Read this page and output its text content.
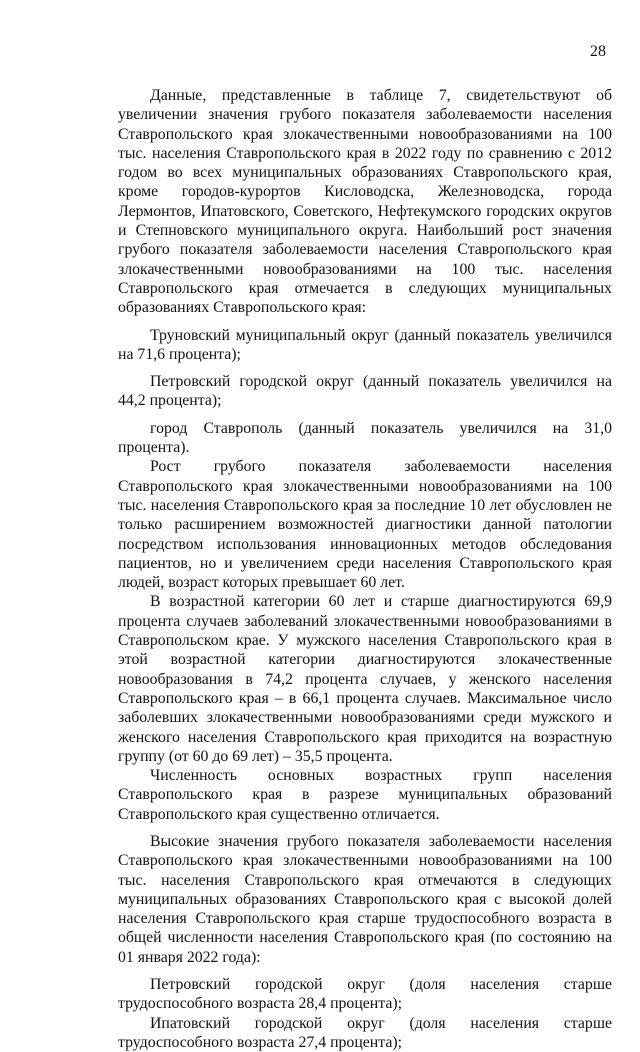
28

Данные, представленные в таблице 7, свидетельствуют об увеличении значения грубого показателя заболеваемости населения Ставропольского края злокачественными новообразованиями на 100 тыс. населения Ставропольского края в 2022 году по сравнению с 2012 годом во всех муниципальных образованиях Ставропольского края, кроме городов-курортов Кисловодска, Железноводска, города Лермонтов, Ипатовского, Советского, Нефтекумского городских округов и Степновского муниципального округа. Наибольший рост значения грубого показателя заболеваемости населения Ставропольского края злокачественными новообразованиями на 100 тыс. населения Ставропольского края отмечается в следующих муниципальных образованиях Ставропольского края:

Труновский муниципальный округ (данный показатель увеличился на 71,6 процента);

Петровский городской округ (данный показатель увеличился на 44,2 процента);

город Ставрополь (данный показатель увеличился на 31,0 процента).

Рост грубого показателя заболеваемости населения Ставропольского края злокачественными новообразованиями на 100 тыс. населения Ставропольского края за последние 10 лет обусловлен не только расширением возможностей диагностики данной патологии посредством использования инновационных методов обследования пациентов, но и увеличением среди населения Ставропольского края людей, возраст которых превышает 60 лет.

В возрастной категории 60 лет и старше диагностируются 69,9 процента случаев заболеваний злокачественными новообразованиями в Ставропольском крае. У мужского населения Ставропольского края в этой возрастной категории диагностируются злокачественные новообразования в 74,2 процента случаев, у женского населения Ставропольского края – в 66,1 процента случаев. Максимальное число заболевших злокачественными новообразованиями среди мужского и женского населения Ставропольского края приходится на возрастную группу (от 60 до 69 лет) – 35,5 процента.

Численность основных возрастных групп населения Ставропольского края в разрезе муниципальных образований Ставропольского края существенно отличается.

Высокие значения грубого показателя заболеваемости населения Ставропольского края злокачественными новообразованиями на 100 тыс. населения Ставропольского края отмечаются в следующих муниципальных образованиях Ставропольского края с высокой долей населения Ставропольского края старше трудоспособного возраста в общей численности населения Ставропольского края (по состоянию на 01 января 2022 года):

Петровский городской округ (доля населения старше трудоспособного возраста 28,4 процента);

Ипатовский городской округ (доля населения старше трудоспособного возраста 27,4 процента);
